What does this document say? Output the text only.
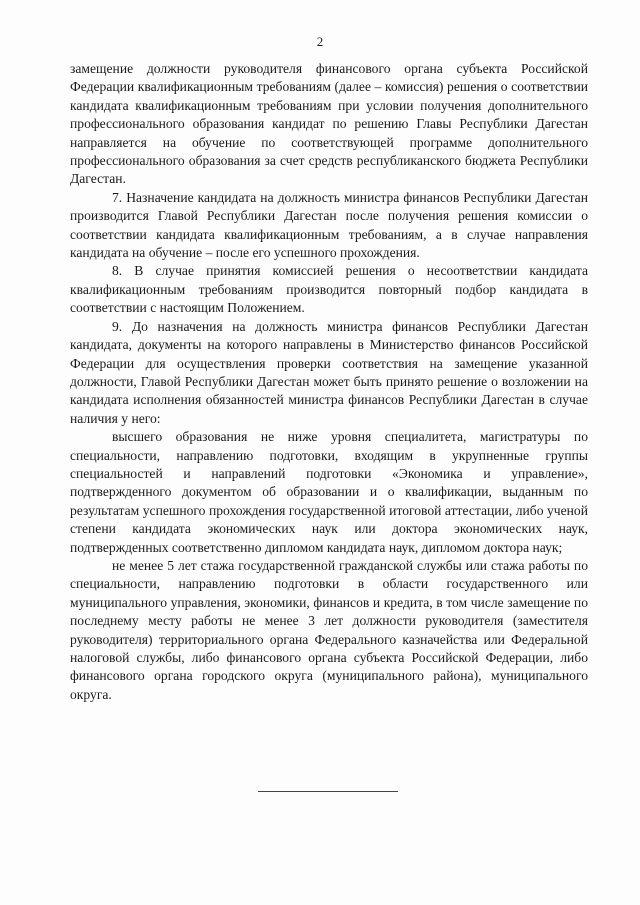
2

замещение должности руководителя финансового органа субъекта Российской Федерации квалификационным требованиям (далее – комиссия) решения о соответствии кандидата квалификационным требованиям при условии получения дополнительного профессионального образования кандидат по решению Главы Республики Дагестан направляется на обучение по соответствующей программе дополнительного профессионального образования за счет средств республиканского бюджета Республики Дагестан.

7. Назначение кандидата на должность министра финансов Республики Дагестан производится Главой Республики Дагестан после получения решения комиссии о соответствии кандидата квалификационным требованиям, а в случае направления кандидата на обучение – после его успешного прохождения.

8. В случае принятия комиссией решения о несоответствии кандидата квалификационным требованиям производится повторный подбор кандидата в соответствии с настоящим Положением.

9. До назначения на должность министра финансов Республики Дагестан кандидата, документы на которого направлены в Министерство финансов Российской Федерации для осуществления проверки соответствия на замещение указанной должности, Главой Республики Дагестан может быть принято решение о возложении на кандидата исполнения обязанностей министра финансов Республики Дагестан в случае наличия у него:

высшего образования не ниже уровня специалитета, магистратуры по специальности, направлению подготовки, входящим в укрупненные группы специальностей и направлений подготовки «Экономика и управление», подтвержденного документом об образовании и о квалификации, выданным по результатам успешного прохождения государственной итоговой аттестации, либо ученой степени кандидата экономических наук или доктора экономических наук, подтвержденных соответственно дипломом кандидата наук, дипломом доктора наук;

не менее 5 лет стажа государственной гражданской службы или стажа работы по специальности, направлению подготовки в области государственного или муниципального управления, экономики, финансов и кредита, в том числе замещение по последнему месту работы не менее 3 лет должности руководителя (заместителя руководителя) территориального органа Федерального казначейства или Федеральной налоговой службы, либо финансового органа субъекта Российской Федерации, либо финансового органа городского округа (муниципального района), муниципального округа.
